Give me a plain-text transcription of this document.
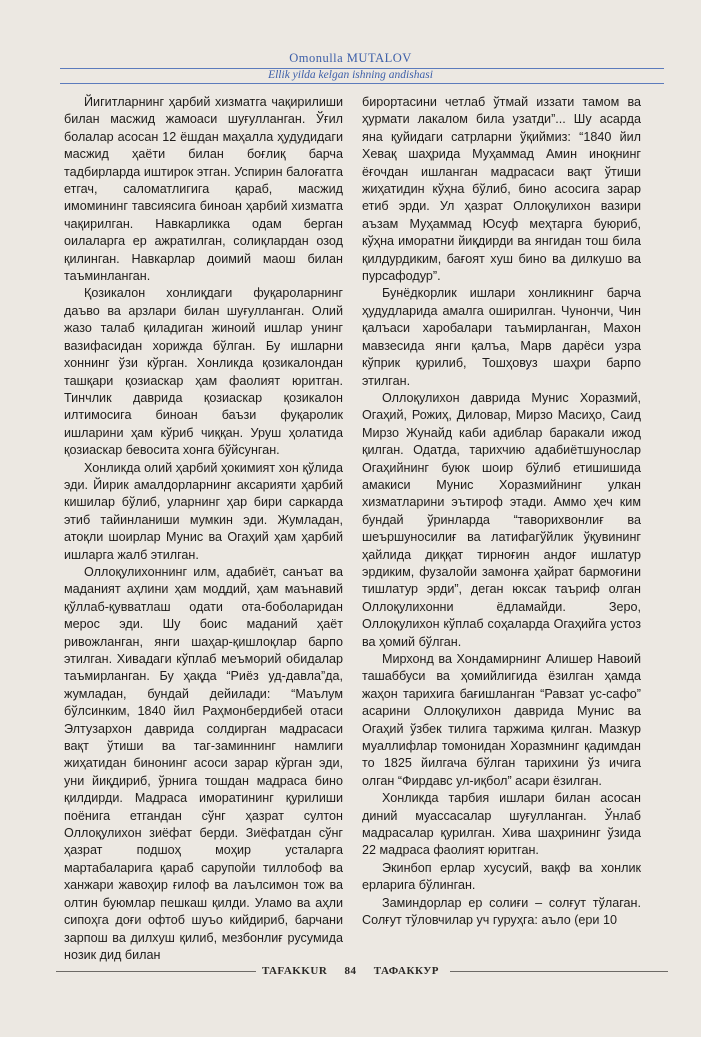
Omonulla MUTALOV
Ellik yilda kelgan ishning andishasi

Йигитларнинг ҳарбий хизматга чақирилиши билан масжид жамоаси шуғулланган. Ўғил болалар асосан 12 ёшдан маҳалла ҳудудидаги масжид ҳаёти билан боғлиқ барча тадбирларда иштирок этган. Успирин балоғатга етгач, саломатлигига қараб, масжид имомининг тавсиясига биноан ҳарбий хизматга чақирилган. Навкарликка одам берган оилаларга ер ажратилган, солиқлардан озод қилинган. Навкарлар доимий маош билан таъминланган.

Қозикалон хонлиқдаги фуқароларнинг даъво ва арзлари билан шуғулланган. Олий жазо талаб қиладиган жиноий ишлар унинг вазифасидан хорижда бўлган. Бу ишларни хоннинг ўзи кўрган. Хонликда қозикалондан ташқари қозиаскар ҳам фаолият юритган. Тинчлик даврида қозиаскар қозикалон илтимосига биноан баъзи фуқаролик ишларини ҳам кўриб чиққан. Уруш ҳолатида қозиаскар бевосита хонга бўйсунган.

Хонликда олий ҳарбий ҳокимият хон қўлида эди. Йирик амалдорларнинг аксарияти ҳарбий кишилар бўлиб, уларнинг ҳар бири саркарда этиб тайинланиши мумкин эди. Жумладан, атоқли шоирлар Мунис ва Огаҳий ҳам ҳарбий ишларга жалб этилган.

Оллоқулихоннинг илм, адабиёт, санъат ва маданият аҳлини ҳам моддий, ҳам маънавий қўллаб-қувватлаш одати ота-боболаридан мерос эди. Шу боис маданий ҳаёт ривожланган, янги шаҳар-қишлоқлар барпо этилган. Хивадаги кўплаб меъморий обидалар таъмирланган. Бу ҳақда “Риёз уд-давла”да, жумладан, бундай дейилади: “Маълум бўлсинким, 1840 йил Раҳмонбердибей отаси Элтузархон даврида солдирган мадрасаси вақт ўтиши ва таг-заминнинг намлиги жиҳатидан бинонинг асоси зарар кўрган эди, уни йиқдириб, ўрнига тошдан мадраса бино қилдирди. Мадраса иморатининг қурилиши поёнига етгандан сўнг ҳазрат султон Оллоқулихон зиёфат берди. Зиёфатдан сўнг ҳазрат подшоҳ моҳир усталарга мартабаларига қараб сарупойи тиллобоф ва ханжари жавоҳир ғилоф ва лаълсимон тож ва олтин буюмлар пешкаш қилди. Уламо ва аҳли сипоҳга доғи офтоб шуъо кийдириб, барчани зарпош ва дилхуш қилиб, мезбонлиғ русумида нозик дид билан

бирортасини четлаб ўтмай иззати тамом ва ҳурмати лакалом била узатди”... Шу асарда яна қуйидаги сатрларни ўқиймиз: “1840 йил Хевақ шаҳрида Муҳаммад Амин иноқнинг ёғочдан ишланган мадрасаси вақт ўтиши жиҳатидин кўҳна бўлиб, бино асосига зарар етиб эрди. Ул ҳазрат Оллоқулихон вазири аъзам Муҳаммад Юсуф меҳтарга буюриб, кўҳна иморатни йиқдирди ва янгидан тош била қилдурдиким, бағоят хуш бино ва дилкушо ва пурсафодур”.

Бунёдкорлик ишлари хонликнинг барча ҳудудларида амалга оширилган. Чунончи, Чин қалъаси харобалари таъмирланган, Махон мавзесида янги қалъа, Марв дарёси узра кўприк қурилиб, Тошҳовуз шаҳри барпо этилган.

Оллоқулихон даврида Мунис Хоразмий, Огаҳий, Рожиҳ, Диловар, Мирзо Масиҳо, Саид Мирзо Жунайд каби адиблар баракали ижод қилган. Одатда, тарихчию адабиётшунослар Огаҳийнинг буюк шоир бўлиб етишишида амакиси Мунис Хоразмийнинг улкан хизматларини эътироф этади. Аммо ҳеч ким бундай ўринларда “таворихвонлиғ ва шеършуносилиғ ва латифагўйлик ўқувининг ҳайлида диққат тирноғин андоғ ишлатур эрдиким, фузалойи замонға ҳайрат бармоғини тишлатур эрди”, деган юксак таъриф олган Оллоқулихонни ёдламайди. Зеро, Оллоқулихон кўплаб соҳаларда Огаҳийга устоз ва ҳомий бўлган.

Мирхонд ва Хондамирнинг Алишер Навоий ташаббуси ва ҳомийлигида ёзилган ҳамда жаҳон тарихига бағишланган “Равзат ус-сафо” асарини Оллоқулихон даврида Мунис ва Огаҳий ўзбек тилига таржима қилган. Мазкур муаллифлар томонидан Хоразмнинг қадимдан то 1825 йилгача бўлган тарихини ўз ичига олган “Фирдавс ул-иқбол” асари ёзилган.

Хонликда тарбия ишлари билан асосан диний муассасалар шуғулланган. Ўнлаб мадрасалар қурилган. Хива шаҳрининг ўзида 22 мадраса фаолият юритган.

Экинбоп ерлар хусусий, вақф ва хонлик ерларига бўлинган.

Заминдорлар ер солиғи – солғут тўлаган. Солғут тўловчилар уч гуруҳга: аъло (ери 10

TAFAKKUR 84 ТАФАККУР
